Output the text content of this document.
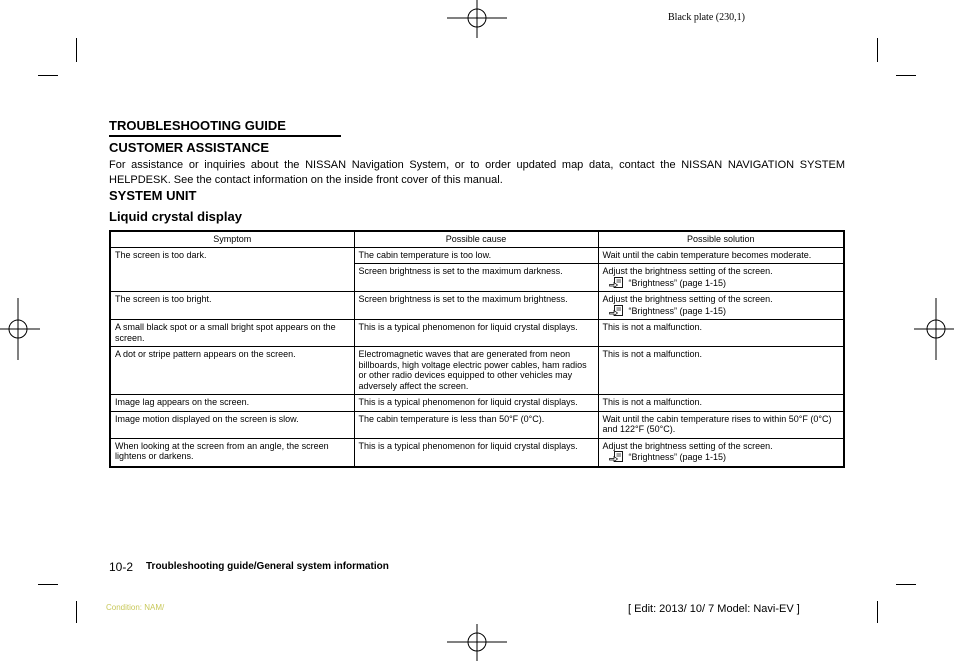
Black plate (230,1)
TROUBLESHOOTING GUIDE
CUSTOMER ASSISTANCE
For assistance or inquiries about the NISSAN Navigation System, or to order updated map data, contact the NISSAN NAVIGATION SYSTEM HELPDESK. See the contact information on the inside front cover of this manual.
SYSTEM UNIT
Liquid crystal display
Symptom	Possible cause	Possible solution
The screen is too dark.	The cabin temperature is too low.	Wait until the cabin temperature becomes moderate.
	Screen brightness is set to the maximum darkness.	Adjust the brightness setting of the screen.
“Brightness” (page 1-15)

The screen is too bright.	Screen brightness is set to the maximum brightness.	Adjust the brightness setting of the screen.
“Brightness” (page 1-15)

A small black spot or a small bright spot appears on the screen.	This is a typical phenomenon for liquid crystal displays.	This is not a malfunction.
A dot or stripe pattern appears on the screen.	Electromagnetic waves that are generated from neon billboards, high voltage electric power cables, ham radios or other radio devices equipped to other vehicles may adversely affect the screen.	This is not a malfunction.
Image lag appears on the screen.	This is a typical phenomenon for liquid crystal displays.	This is not a malfunction.
Image motion displayed on the screen is slow.	The cabin temperature is less than 50°F (0°C).	Wait until the cabin temperature rises to within 50°F (0°C) and 122°F (50°C).
When looking at the screen from an angle, the screen lightens or darkens.	This is a typical phenomenon for liquid crystal displays.	Adjust the brightness setting of the screen.
“Brightness” (page 1-15)
10-2 Troubleshooting guide/General system information
Condition: NAM/	[ Edit: 2013/ 10/ 7 Model: Navi-EV ]
